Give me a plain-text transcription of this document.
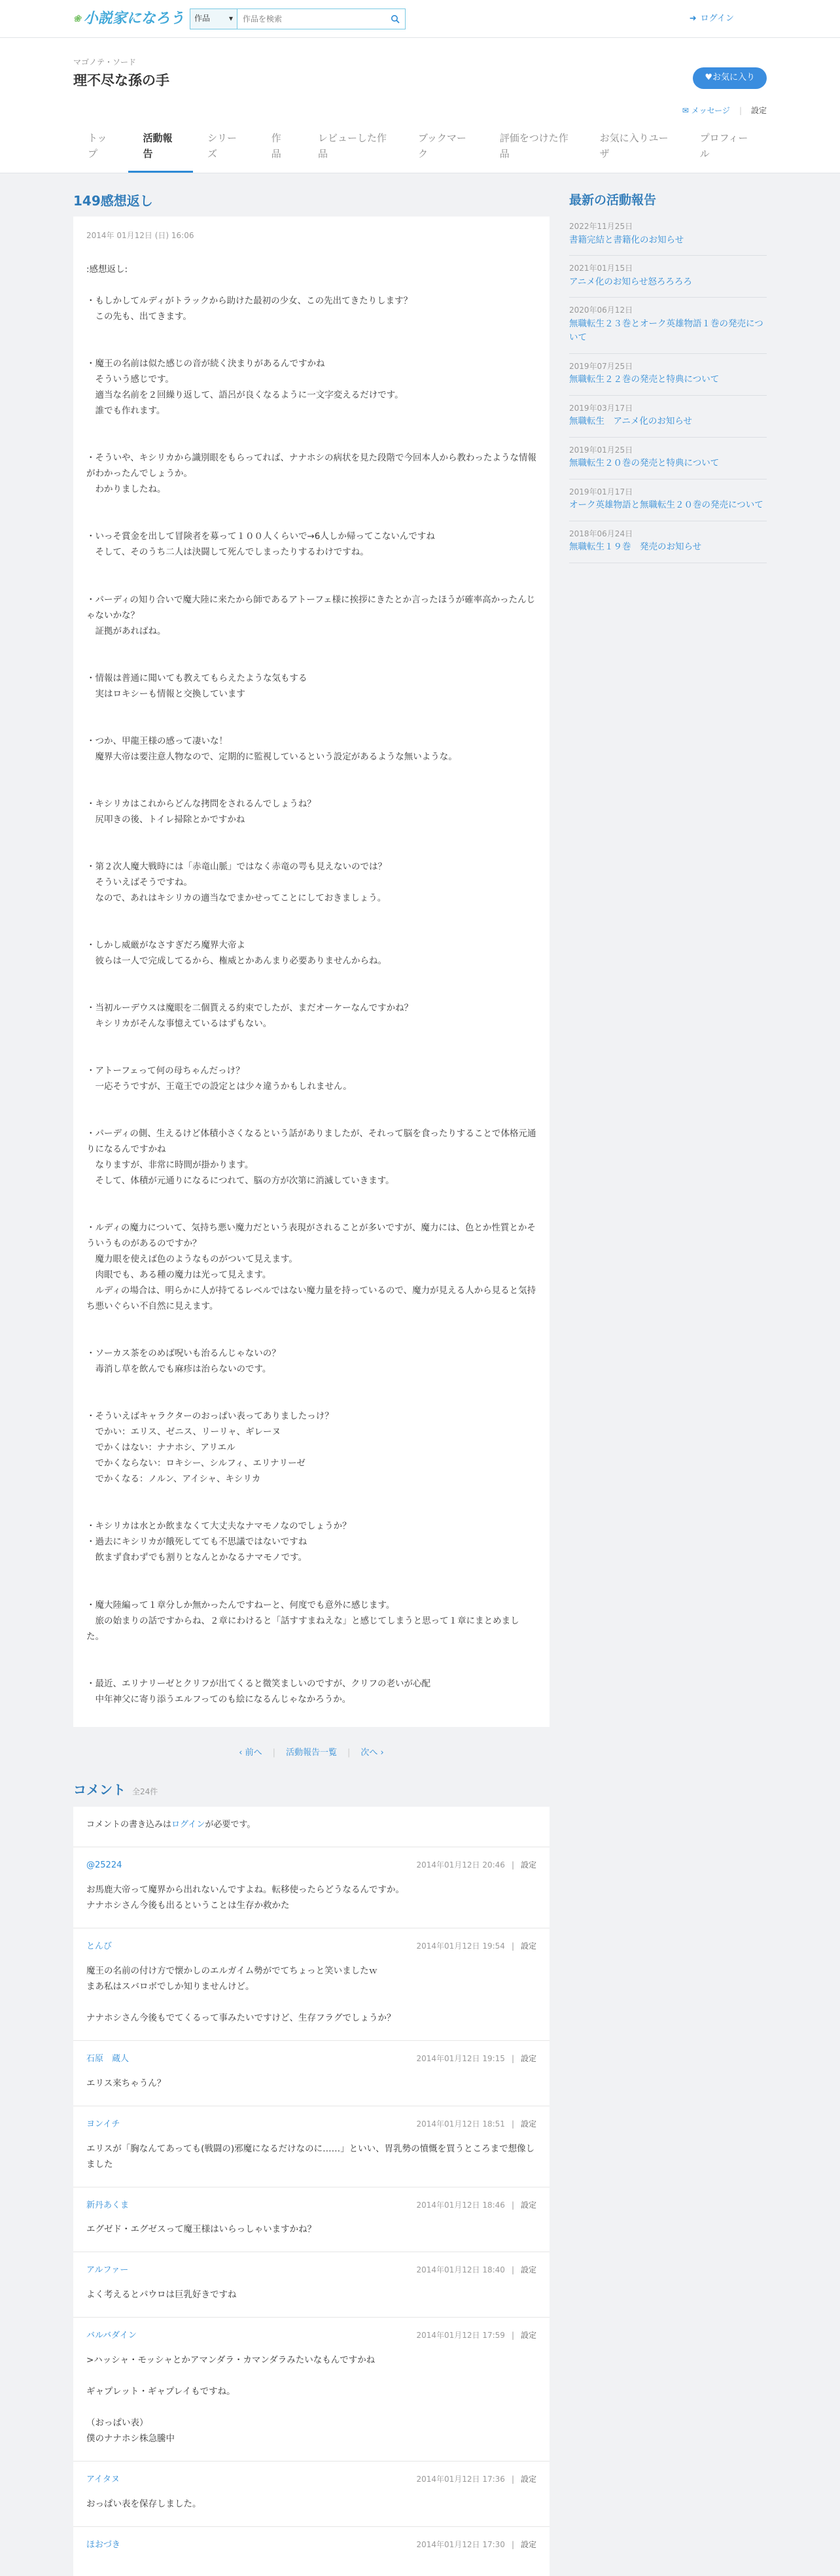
❀ 小説家になろう 作品 ▾
作品を検索	➜ ログイン
マゴノテ・ソード
理不尽な孫の手	♥お気に入り
✉ メッセージ | 設定
トップ
活動報告
シリーズ
作品
レビューした作品
ブックマーク
評価をつけた作品
お気に入りユーザ
プロフィール
149感想返し
2014年 01月12日 (日) 16:06
:感想返し:

・もしかしてルディがトラックから助けた最初の少女、この先出てきたりします？
　この先も、出てきます。

・魔王の名前は似た感じの音が続く決まりがあるんですかね
　そういう感じです。
　適当な名前を２回繰り返して、語呂が良くなるように一文字変えるだけです。
　誰でも作れます。

・そういや、キシリカから識別眼をもらってれば、ナナホシの病状を見た段階で今回本人から教わったような情報がわかったんでしょうか。
　わかりましたね。

・いっそ賞金を出して冒険者を募って１００人くらいで→6人しか帰ってこないんですね
　そして、そのうち二人は決闘して死んでしまったりするわけですね。

・パーディの知り合いで魔大陸に来たから師であるアトーフェ様に挨拶にきたとか言ったほうが確率高かったんじゃないかな？
　証拠があればね。

・情報は普通に聞いても教えてもらえたような気もする
　実はロキシーも情報と交換しています

・つか、甲龍王様の感って凄いな！
　魔界大帝は要注意人物なので、定期的に監視しているという設定があるような無いような。

・キシリカはこれからどんな拷問をされるんでしょうね？
　尻叩きの後、トイレ掃除とかですかね

・第２次人魔大戦時には「赤竜山脈」ではなく赤竜の咢も見えないのでは？
　そういえばそうですね。
　なので、あれはキシリカの適当なでまかせってことにしておきましょう。

・しかし威厳がなさすぎだろ魔界大帝よ
　彼らは一人で完成してるから、権威とかあんまり必要ありませんからね。

・当初ルーデウスは魔眼を二個貰える約束でしたが、まだオーケーなんですかね？
　キシリカがそんな事憶えているはずもない。

・アトーフェって何の母ちゃんだっけ？
　一応そうですが、王竜王での設定とは少々違うかもしれません。

・パーディの側、生えるけど体積小さくなるという話がありましたが、それって脳を食ったりすることで体格元通りになるんですかね
　なりますが、非常に時間が掛かります。
　そして、体積が元通りになるにつれて、脳の方が次第に消滅していきます。

・ルディの魔力について、気持ち悪い魔力だという表現がされることが多いですが、魔力には、色とか性質とかそういうものがあるのですか？
　魔力眼を使えば色のようなものがついて見えます。
　肉眼でも、ある種の魔力は光って見えます。
　ルディの場合は、明らかに人が持てるレベルではない魔力量を持っているので、魔力が見える人から見ると気持ち悪いぐらい不自然に見えます。

・ソーカス茶をのめば呪いも治るんじゃないの？
　毒消し草を飲んでも麻疹は治らないのです。

・そういえばキャラクターのおっぱい表ってありましたっけ？
　でかい：エリス、ゼニス、リーリャ、ギレーヌ
　でかくはない：ナナホシ、アリエル
　でかくならない：ロキシー、シルフィ、エリナリーゼ
　でかくなる：ノルン、アイシャ、キシリカ

・キシリカは水とか飲まなくて大丈夫なナマモノなのでしょうか？
・過去にキシリカが餓死してても不思議ではないですね
　飲まず食わずでも割りとなんとかなるナマモノです。

・魔大陸編って１章分しか無かったんですねーと、何度でも意外に感じます。
　旅の始まりの話ですからね、２章にわけると「話すすまねえな」と感じてしまうと思って１章にまとめました。

・最近、エリナリーゼとクリフが出てくると微笑ましいのですが、クリフの老いが心配
　中年神父に寄り添うエルフってのも絵になるんじゃなかろうか。
‹ 前へ | 活動報告一覧 | 次へ ›
コメント 全24件
コメントの書き込みはログインが必要です。
@25224	2014年01月12日 20:46 | 設定
お馬鹿大帝って魔界から出れないんですよね。転移使ったらどうなるんですか。
ナナホシさん今後も出るということは生存か救かた
とんび	2014年01月12日 19:54 | 設定
魔王の名前の付け方で懐かしのエルガイム勢がでてちょっと笑いましたｗ
まあ私はスバロボでしか知りませんけど。

ナナホシさん今後もでてくるって事みたいですけど、生存フラグでしょうか？
石原　蔵人	2014年01月12日 19:15 | 設定
エリス来ちゃうん？
ヨンイチ	2014年01月12日 18:51 | 設定
エリスが「胸なんてあっても(戦闘の)邪魔になるだけなのに……」といい、胃乳勢の憤慨を買うところまで想像しました
新丹あくま	2014年01月12日 18:46 | 設定
エグゼド・エグゼスって魔王様はいらっしゃいますかね？
アルファー	2014年01月12日 18:40 | 設定
よく考えるとパウロは巨乳好きですね
バルバダイン	2014年01月12日 17:59 | 設定
>ハッシャ・モッシャとかアマンダラ・カマンダラみたいなもんですかね

ギャプレット・ギャプレイもですね。

（おっぱい表）
僕のナナホシ株急騰中
アイタヌ	2014年01月12日 17:36 | 設定
おっぱい表を保存しました。
ほおづき	2014年01月12日 17:30 | 設定
最新の活動報告
2022年11月25日
書籍完結と書籍化のお知らせ
2021年01月15日
アニメ化のお知らせ怒ろろろろ
2020年06月12日
無職転生２３巻とオーク英雄物語１巻の発売について
2019年07月25日
無職転生２２巻の発売と特典について
2019年03月17日
無職転生　アニメ化のお知らせ
2019年01月25日
無職転生２０巻の発売と特典について
2019年01月17日
オーク英雄物語と無職転生２０巻の発売について
2018年06月24日
無職転生１９巻　発売のお知らせ
